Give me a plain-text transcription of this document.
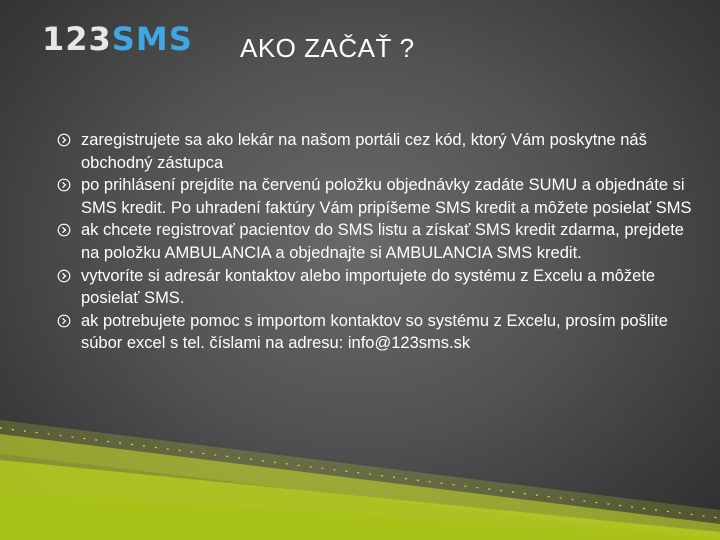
123 SMS AKO ZAČAŤ ?
zaregistrujete sa ako lekár na našom portáli cez kód, ktorý Vám poskytne náš obchodný zástupca
po prihlásení prejdite na červenú položku objednávky zadáte SUMU a objednáte si SMS kredit. Po uhradení faktúry Vám pripíšeme SMS kredit a môžete posielať SMS
ak chcete registrovať pacientov do SMS listu a získať SMS kredit zdarma, prejdete na položku AMBULANCIA a objednajte si AMBULANCIA SMS kredit.
vytvoríte si adresár kontaktov alebo importujete do systému z Excelu a môžete posielať SMS.
ak potrebujete pomoc s importom kontaktov so systému z Excelu, prosím pošlite súbor excel s tel. číslami na adresu: info@123sms.sk
